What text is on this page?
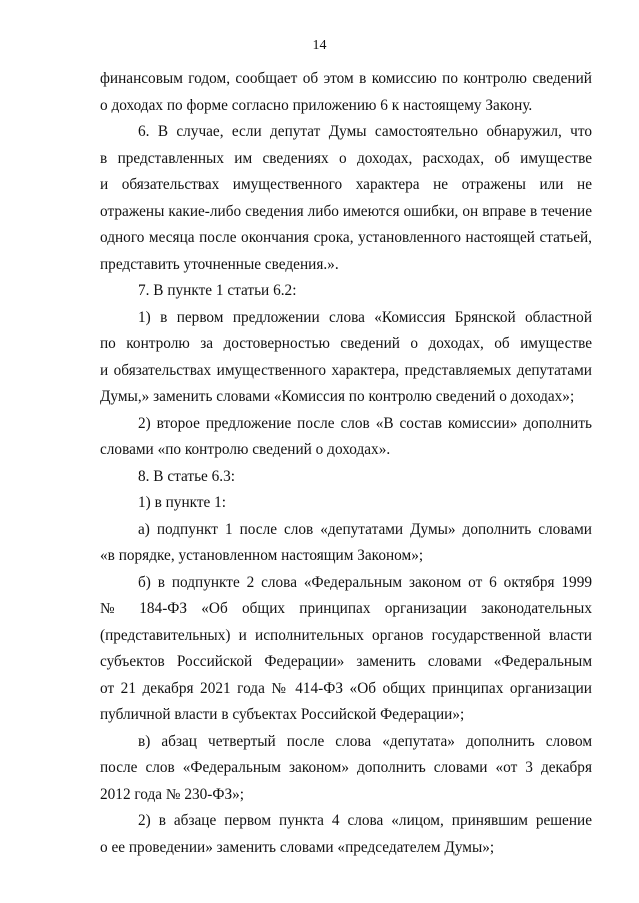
14
финансовым годом, сообщает об этом в комиссию по контролю сведений
о доходах по форме согласно приложению 6 к настоящему Закону.
6. В случае, если депутат Думы самостоятельно обнаружил, что
в представленных им сведениях о доходах, расходах, об имуществе
и обязательствах имущественного характера не отражены или не
отражены какие-либо сведения либо имеются ошибки, он вправе в течение
одного месяца после окончания срока, установленного настоящей статьей,
представить уточненные сведения.».
7. В пункте 1 статьи 6.2:
1) в первом предложении слова «Комиссия Брянской областной
по контролю за достоверностью сведений о доходах, об имуществе
и обязательствах имущественного характера, представляемых депутатами
Думы,» заменить словами «Комиссия по контролю сведений о доходах»;
2) второе предложение после слов «В состав комиссии» дополнить
словами «по контролю сведений о доходах».
8. В статье 6.3:
1) в пункте 1:
а) подпункт 1 после слов «депутатами Думы» дополнить словами
«в порядке, установленном настоящим Законом»;
б) в подпункте 2 слова «Федеральным законом от 6 октября 1999
№ 184-ФЗ «Об общих принципах организации законодательных
(представительных) и исполнительных органов государственной власти
субъектов Российской Федерации» заменить словами «Федеральным
от 21 декабря 2021 года № 414-ФЗ «Об общих принципах организации
публичной власти в субъектах Российской Федерации»;
в) абзац четвертый после слова «депутата» дополнить словом
после слов «Федеральным законом» дополнить словами «от 3 декабря
2012 года № 230-ФЗ»;
2) в абзаце первом пункта 4 слова «лицом, принявшим решение
о ее проведении» заменить словами «председателем Думы»;
